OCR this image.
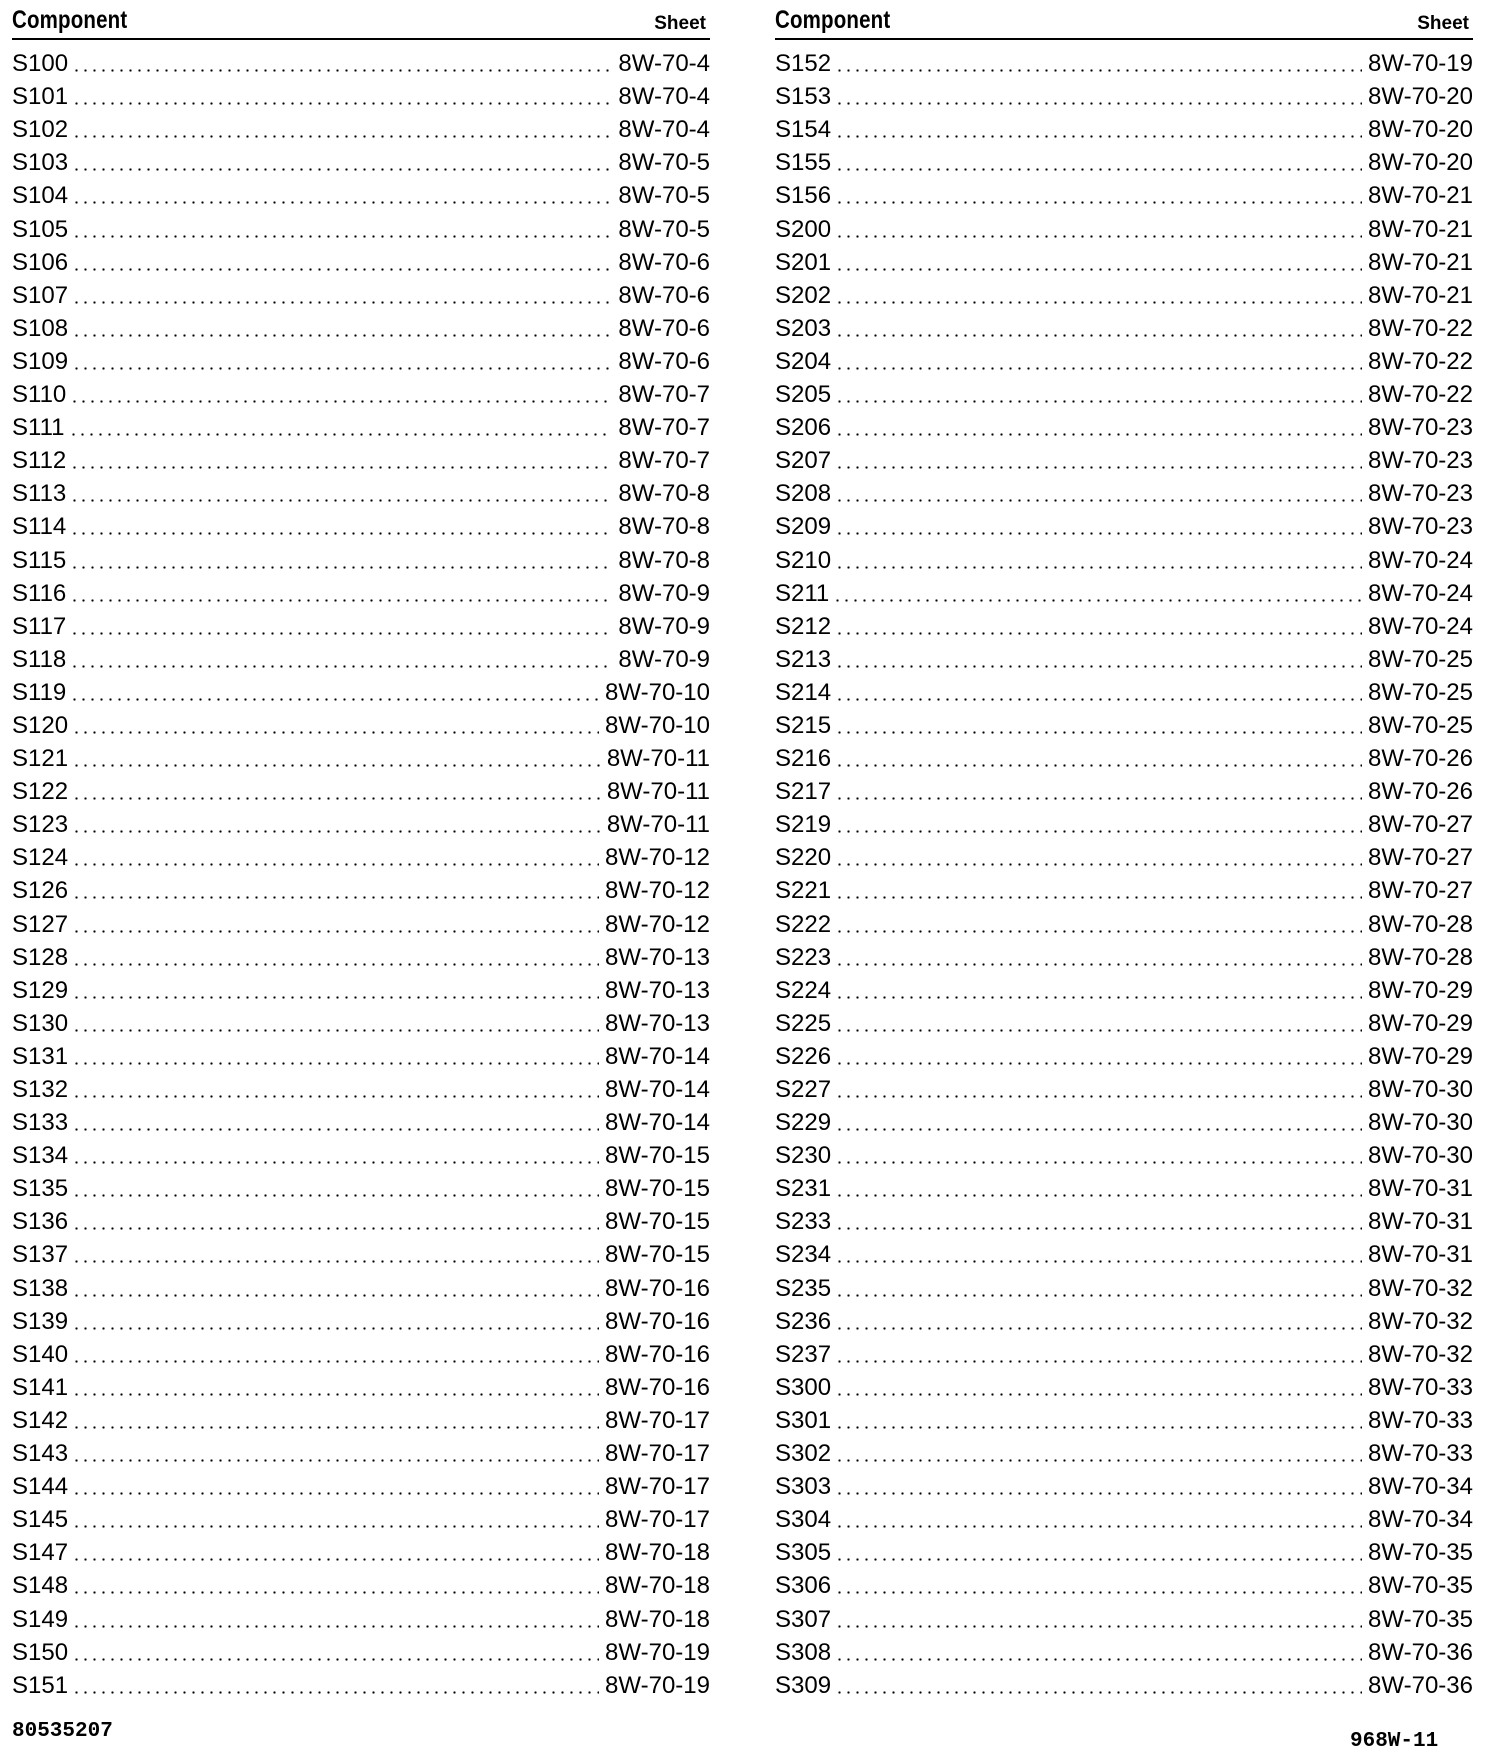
Component	Sheet
S100	8W-70-4
S101	8W-70-4
S102	8W-70-4
S103	8W-70-5
S104	8W-70-5
S105	8W-70-5
S106	8W-70-6
S107	8W-70-6
S108	8W-70-6
S109	8W-70-6
S110	8W-70-7
S111	8W-70-7
S112	8W-70-7
S113	8W-70-8
S114	8W-70-8
S115	8W-70-8
S116	8W-70-9
S117	8W-70-9
S118	8W-70-9
S119	8W-70-10
S120	8W-70-10
S121	8W-70-11
S122	8W-70-11
S123	8W-70-11
S124	8W-70-12
S126	8W-70-12
S127	8W-70-12
S128	8W-70-13
S129	8W-70-13
S130	8W-70-13
S131	8W-70-14
S132	8W-70-14
S133	8W-70-14
S134	8W-70-15
S135	8W-70-15
S136	8W-70-15
S137	8W-70-15
S138	8W-70-16
S139	8W-70-16
S140	8W-70-16
S141	8W-70-16
S142	8W-70-17
S143	8W-70-17
S144	8W-70-17
S145	8W-70-17
S147	8W-70-18
S148	8W-70-18
S149	8W-70-18
S150	8W-70-19
S151	8W-70-19
Component	Sheet
S152	8W-70-19
S153	8W-70-20
S154	8W-70-20
S155	8W-70-20
S156	8W-70-21
S200	8W-70-21
S201	8W-70-21
S202	8W-70-21
S203	8W-70-22
S204	8W-70-22
S205	8W-70-22
S206	8W-70-23
S207	8W-70-23
S208	8W-70-23
S209	8W-70-23
S210	8W-70-24
S211	8W-70-24
S212	8W-70-24
S213	8W-70-25
S214	8W-70-25
S215	8W-70-25
S216	8W-70-26
S217	8W-70-26
S219	8W-70-27
S220	8W-70-27
S221	8W-70-27
S222	8W-70-28
S223	8W-70-28
S224	8W-70-29
S225	8W-70-29
S226	8W-70-29
S227	8W-70-30
S229	8W-70-30
S230	8W-70-30
S231	8W-70-31
S233	8W-70-31
S234	8W-70-31
S235	8W-70-32
S236	8W-70-32
S237	8W-70-32
S300	8W-70-33
S301	8W-70-33
S302	8W-70-33
S303	8W-70-34
S304	8W-70-34
S305	8W-70-35
S306	8W-70-35
S307	8W-70-35
S308	8W-70-36
S309	8W-70-36
80535207	968W-11
